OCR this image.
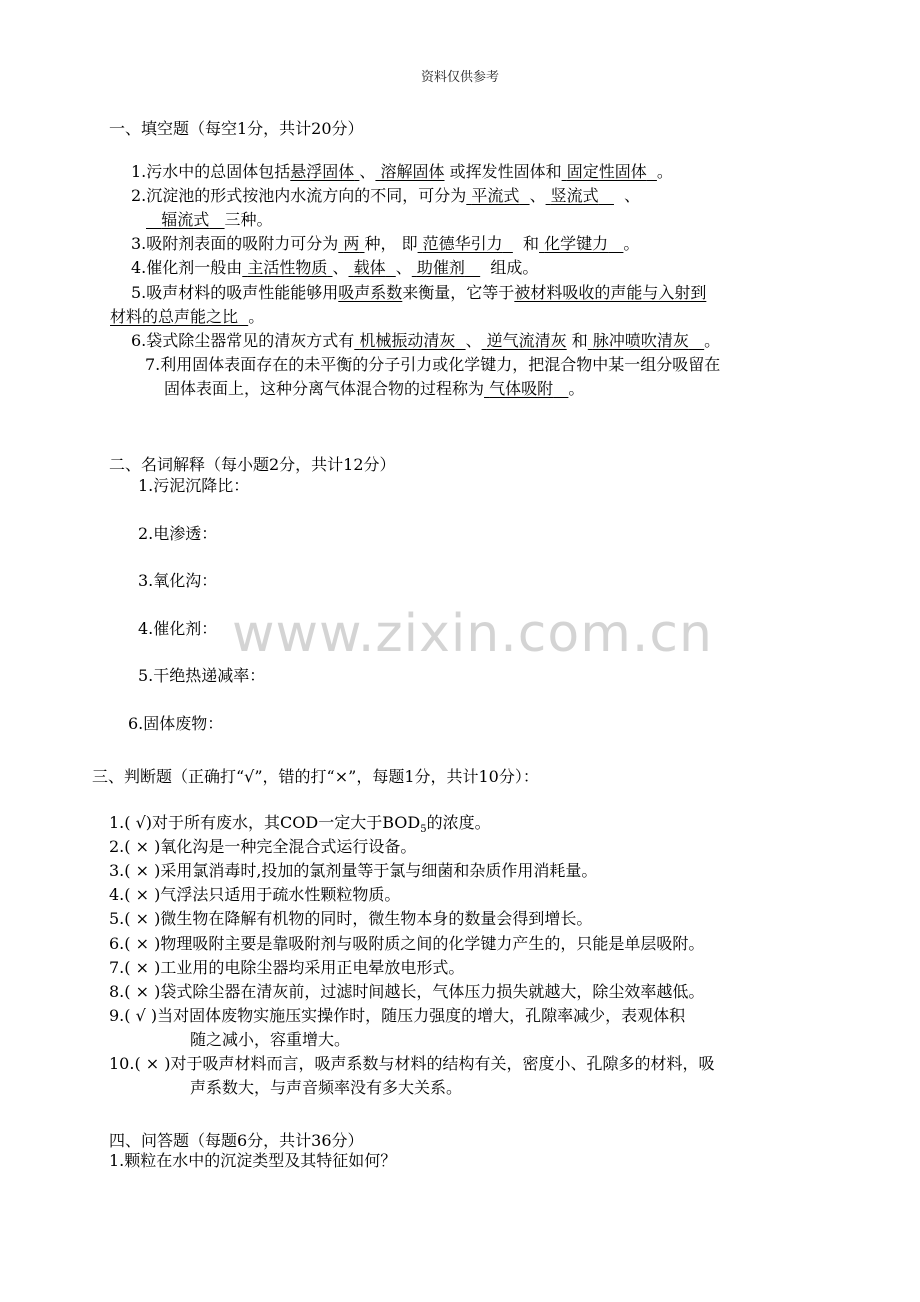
资料仅供参考
www.zixin.com.cn
一、填空题（每空1分，共计20分）
1.污水中的总固体包括悬浮固体 、 溶解固体 或挥发性固体和 固定性固体 。
2.沉淀池的形式按池内水流方向的不同，可分为 平流式 、 竖流式 、
辐流式 三种。
3.吸附剂表面的吸附力可分为 两 种， 即 范德华引力 和 化学键力 。
4.催化剂一般由 主活性物质 、 载体 、 助催剂 组成。
5.吸声材料的吸声性能能够用吸声系数来衡量，它等于被材料吸收的声能与入射到
材料的总声能之比 。
6.袋式除尘器常见的清灰方式有 机械振动清灰 、 逆气流清灰 和 脉冲喷吹清灰 。
7.利用固体表面存在的未平衡的分子引力或化学键力，把混合物中某一组分吸留在
固体表面上，这种分离气体混合物的过程称为 气体吸附 。
二、名词解释（每小题2分，共计12分）
1.污泥沉降比：
2.电渗透：
3.氧化沟：
4.催化剂：
5.干绝热递减率：
6.固体废物：
三、判断题（正确打“√”，错的打“×”，每题1分，共计10分）：
1.( √)对于所有废水，其COD一定大于$BOD_5$的浓度。
2.( × )氧化沟是一种完全混合式运行设备。
3.( × )采用氯消毒时,投加的氯剂量等于氯与细菌和杂质作用消耗量。
4.( × )气浮法只适用于疏水性颗粒物质。
5.( × )微生物在降解有机物的同时，微生物本身的数量会得到增长。
6.( × )物理吸附主要是靠吸附剂与吸附质之间的化学键力产生的，只能是单层吸附。
7.( × )工业用的电除尘器均采用正电晕放电形式。
8.( × )袋式除尘器在清灰前，过滤时间越长，气体压力损失就越大，除尘效率越低。
9.( √ )当对固体废物实施压实操作时，随压力强度的增大，孔隙率减少，表观体积
随之减小，容重增大。
10.( × )对于吸声材料而言，吸声系数与材料的结构有关，密度小、孔隙多的材料，吸
声系数大，与声音频率没有多大关系。
四、问答题（每题6分，共计36分）
1.颗粒在水中的沉淀类型及其特征如何？
